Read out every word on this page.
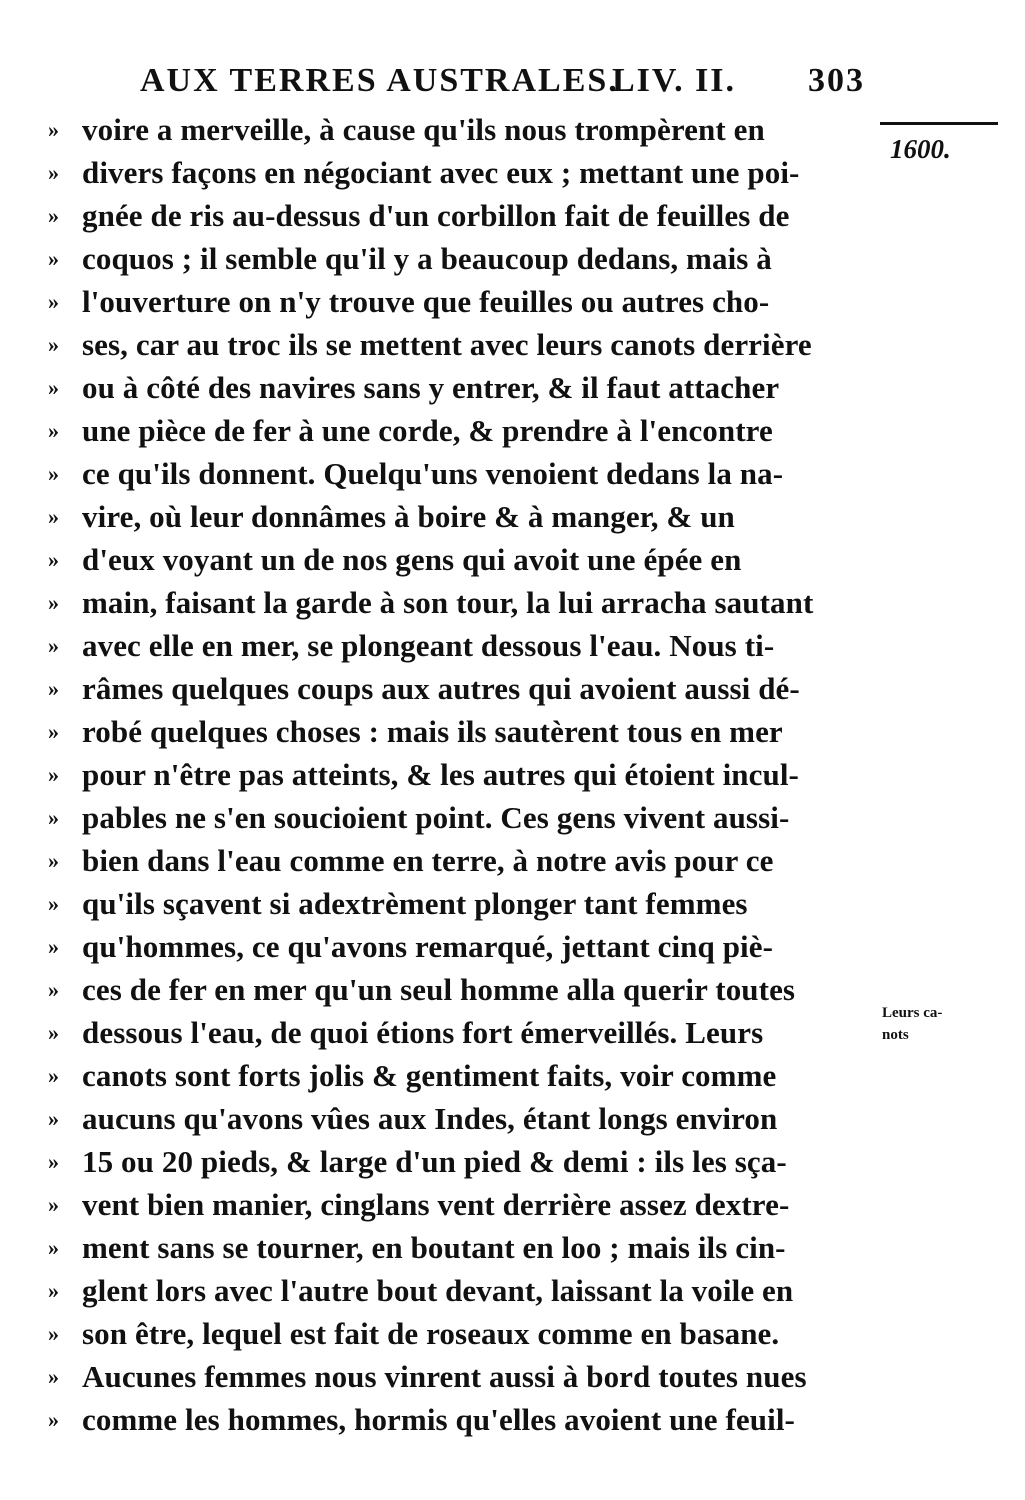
AUX TERRES AUSTRALES.
LIV. II. 303
1600.
Leurs ca-
nots
» voire a merveille, à cause qu'ils nous trompèrent en
» divers façons en négociant avec eux ; mettant une poi-
» gnée de ris au-dessus d'un corbillon fait de feuilles de
» coquos ; il semble qu'il y a beaucoup dedans, mais à
» l'ouverture on n'y trouve que feuilles ou autres cho-
» ses, car au troc ils se mettent avec leurs canots derrière
» ou à côté des navires sans y entrer, & il faut attacher
» une pièce de fer à une corde, & prendre à l'encontre
» ce qu'ils donnent. Quelqu'uns venoient dedans la na-
» vire, où leur donnâmes à boire & à manger, & un
» d'eux voyant un de nos gens qui avoit une épée en
» main, faisant la garde à son tour, la lui arracha sautant
» avec elle en mer, se plongeant dessous l'eau. Nous ti-
» râmes quelques coups aux autres qui avoient aussi dé-
» robé quelques choses : mais ils sautèrent tous en mer
» pour n'être pas atteints, & les autres qui étoient incul-
» pables ne s'en soucioient point. Ces gens vivent aussi-
» bien dans l'eau comme en terre, à notre avis pour ce
» qu'ils sçavent si adextrèment plonger tant femmes
» qu'hommes, ce qu'avons remarqué, jettant cinq piè-
» ces de fer en mer qu'un seul homme alla querir toutes
» dessous l'eau, de quoi étions fort émerveillés. Leurs
» canots sont forts jolis & gentiment faits, voir comme
» aucuns qu'avons vûes aux Indes, étant longs environ
» 15 ou 20 pieds, & large d'un pied & demi : ils les sça-
» vent bien manier, cinglans vent derrière assez dextre-
» ment sans se tourner, en boutant en loo ; mais ils cin-
» glent lors avec l'autre bout devant, laissant la voile en
» son être, lequel est fait de roseaux comme en basane.
» Aucunes femmes nous vinrent aussi à bord toutes nues
» comme les hommes, hormis qu'elles avoient une feuil-
